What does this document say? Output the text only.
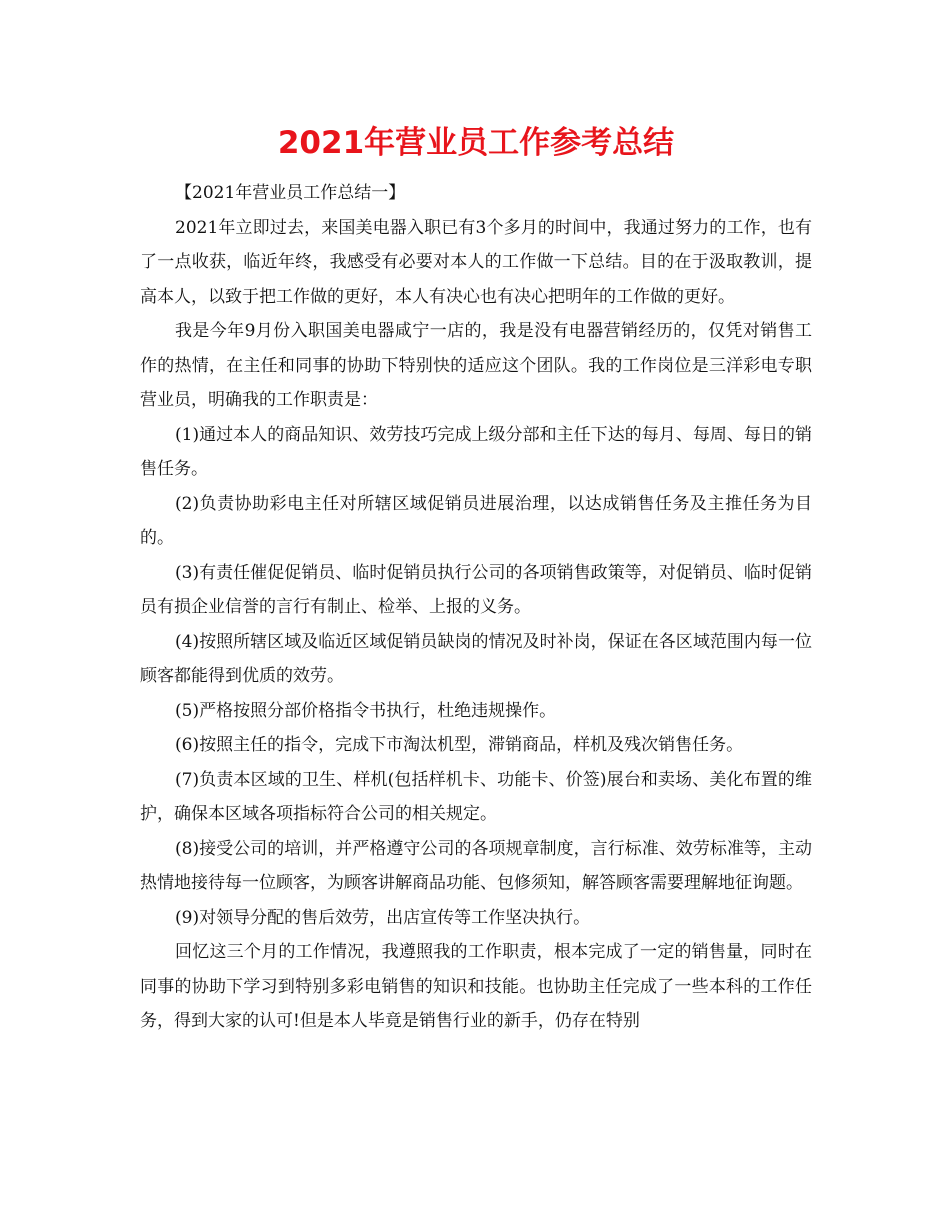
2021年营业员工作参考总结

【2021年营业员工作总结一】

2021年立即过去，来国美电器入职已有3个多月的时间中，我通过努力的工作，也有了一点收获，临近年终，我感受有必要对本人的工作做一下总结。目的在于汲取教训，提高本人，以致于把工作做的更好，本人有决心也有决心把明年的工作做的更好。

我是今年9月份入职国美电器咸宁一店的，我是没有电器营销经历的，仅凭对销售工作的热情，在主任和同事的协助下特别快的适应这个团队。我的工作岗位是三洋彩电专职营业员，明确我的工作职责是：

(1)通过本人的商品知识、效劳技巧完成上级分部和主任下达的每月、每周、每日的销售任务。

(2)负责协助彩电主任对所辖区域促销员进展治理，以达成销售任务及主推任务为目的。

(3)有责任催促促销员、临时促销员执行公司的各项销售政策等，对促销员、临时促销员有损企业信誉的言行有制止、检举、上报的义务。

(4)按照所辖区域及临近区域促销员缺岗的情况及时补岗，保证在各区域范围内每一位顾客都能得到优质的效劳。

(5)严格按照分部价格指令书执行，杜绝违规操作。

(6)按照主任的指令，完成下市淘汰机型，滞销商品，样机及残次销售任务。

(7)负责本区域的卫生、样机(包括样机卡、功能卡、价签)展台和卖场、美化布置的维护，确保本区域各项指标符合公司的相关规定。

(8)接受公司的培训，并严格遵守公司的各项规章制度，言行标准、效劳标准等，主动热情地接待每一位顾客，为顾客讲解商品功能、包修须知，解答顾客需要理解地征询题。

(9)对领导分配的售后效劳，出店宣传等工作坚决执行。

回忆这三个月的工作情况，我遵照我的工作职责，根本完成了一定的销售量，同时在同事的协助下学习到特别多彩电销售的知识和技能。也协助主任完成了一些本科的工作任务，得到大家的认可!但是本人毕竟是销售行业的新手，仍存在特别
